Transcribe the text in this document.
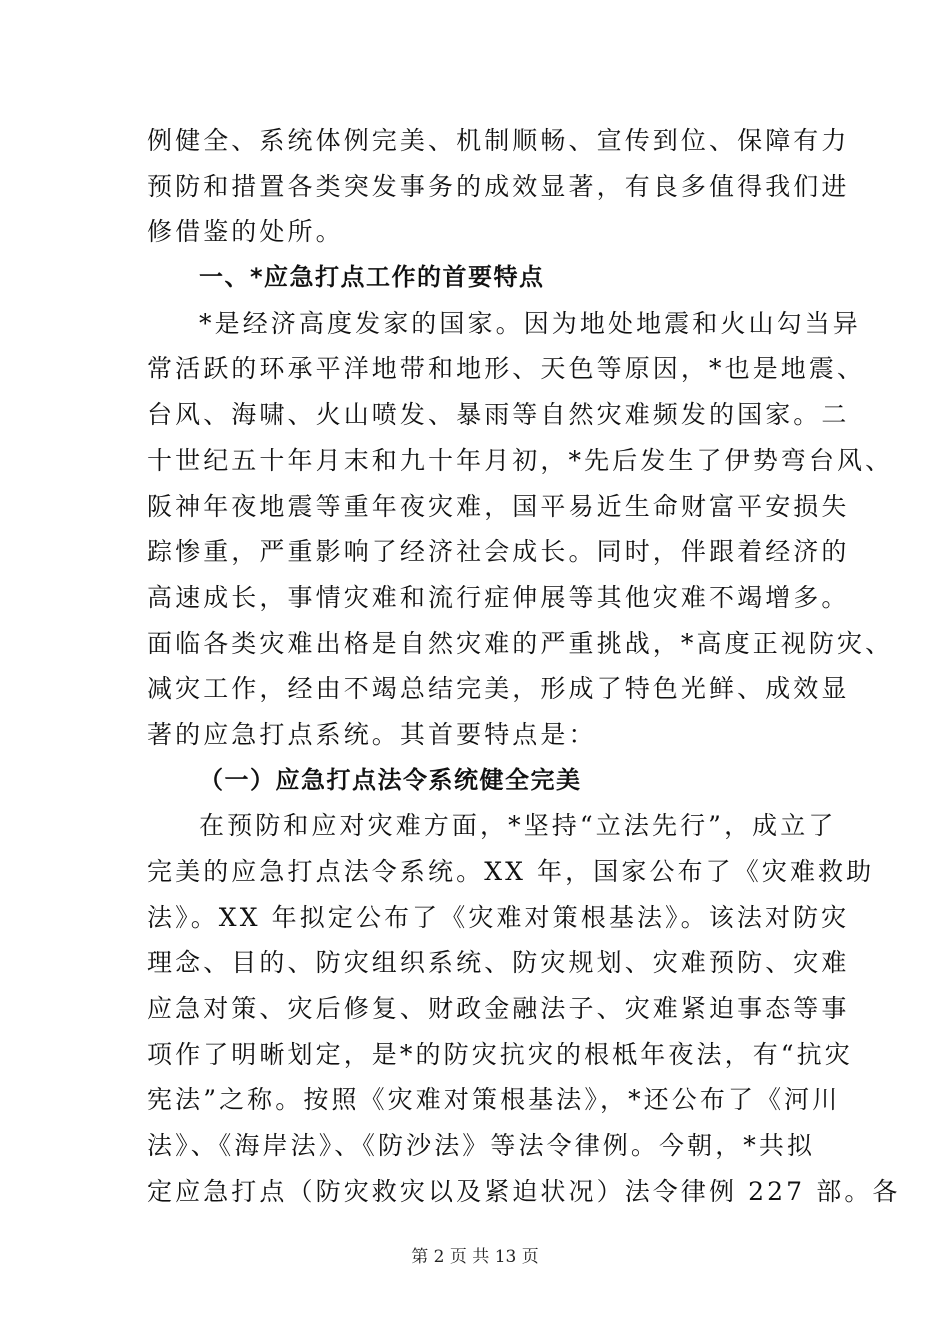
例健全、系统体例完美、机制顺畅、宣传到位、保障有力
预防和措置各类突发事务的成效显著，有良多值得我们进
修借鉴的处所。
一、*应急打点工作的首要特点
*是经济高度发家的国家。因为地处地震和火山勾当异
常活跃的环承平洋地带和地形、天色等原因，*也是地震、
台风、海啸、火山喷发、暴雨等自然灾难频发的国家。二
十世纪五十年月末和九十年月初，*先后发生了伊势弯台风、
阪神年夜地震等重年夜灾难，国平易近生命财富平安损失
踪惨重，严重影响了经济社会成长。同时，伴跟着经济的
高速成长，事情灾难和流行症伸展等其他灾难不竭增多。
面临各类灾难出格是自然灾难的严重挑战，*高度正视防灾、
减灾工作，经由不竭总结完美，形成了特色光鲜、成效显
著的应急打点系统。其首要特点是：
（一）应急打点法令系统健全完美
在预防和应对灾难方面，*坚持“立法先行”，成立了
完美的应急打点法令系统。XX 年，国家公布了《灾难救助
法》。XX 年拟定公布了《灾难对策根基法》。该法对防灾
理念、目的、防灾组织系统、防灾规划、灾难预防、灾难
应急对策、灾后修复、财政金融法子、灾难紧迫事态等事
项作了明晰划定，是*的防灾抗灾的根柢年夜法，有“抗灾
宪法”之称。按照《灾难对策根基法》，*还公布了《河川
法》、《海岸法》、《防沙法》等法令律例。今朝，*共拟
定应急打点（防灾救灾以及紧迫状况）法令律例 227 部。各
第 2 页 共 13 页
